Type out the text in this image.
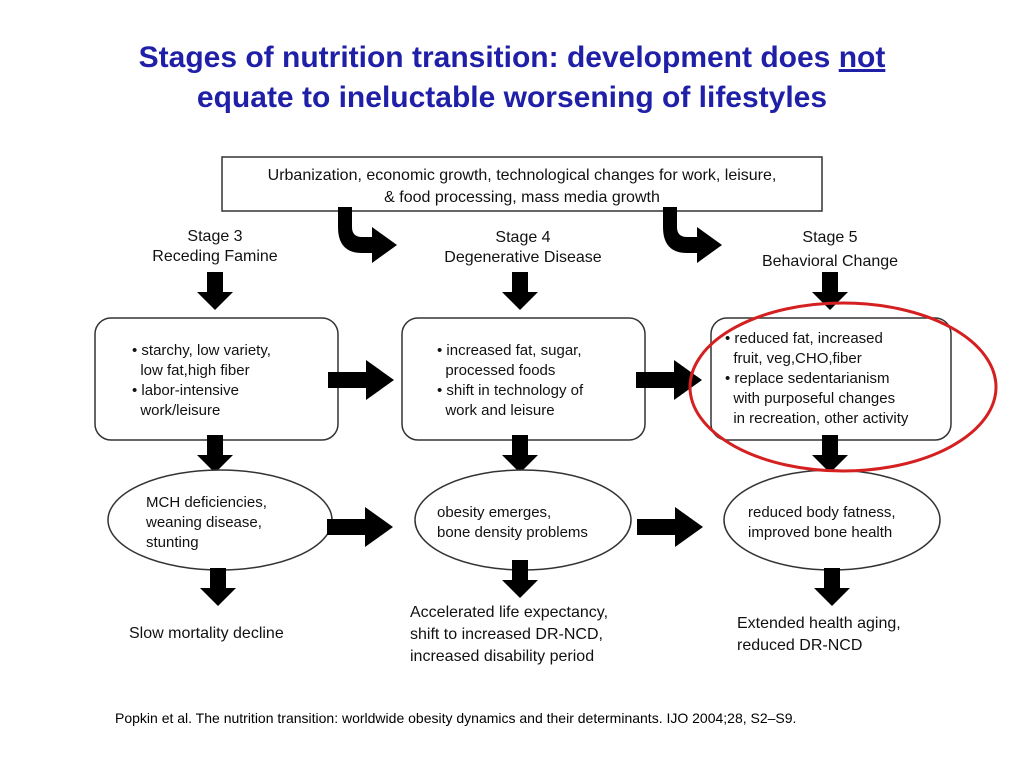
Stages of nutrition transition: development does not
equate to ineluctable worsening of lifestyles
Urbanization, economic growth, technological changes for work, leisure,
& food processing, mass media growth
Stage 3
Receding Famine
Stage 4
Degenerative Disease
Stage 5
Behavioral Change
• starchy, low variety,
low fat,high fiber
• labor-intensive
work/leisure
• increased fat, sugar,
processed foods
• shift in technology of
work and leisure
• reduced fat, increased
fruit, veg,CHO,fiber
• replace sedentarianism
with purposeful changes
in recreation, other activity
MCH deficiencies,
weaning disease,
stunting
obesity emerges,
bone density problems
reduced body fatness,
improved bone health
Slow mortality decline
Accelerated life expectancy,
shift to increased DR-NCD,
increased disability period
Extended health aging,
reduced DR-NCD
Popkin et al. The nutrition transition: worldwide obesity dynamics and their determinants. IJO 2004;28, S2–S9.
